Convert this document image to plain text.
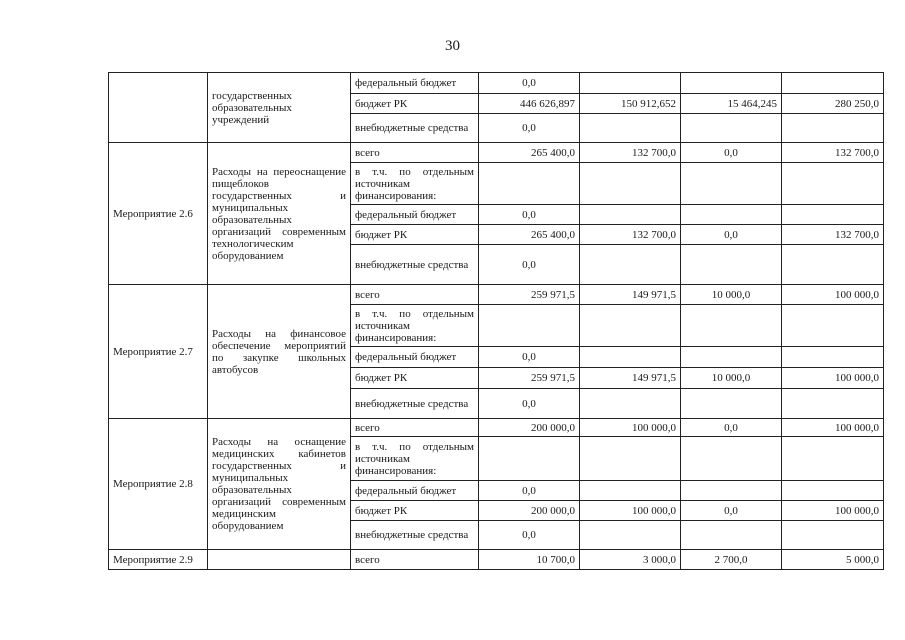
30
	государственных образовательных учреждений	федеральный бюджет	0,0			
		бюджет РК	446 626,897	150 912,652	15 464,245	280 250,0
		внебюджетные средства	0,0			
Мероприятие 2.6	Расходы на переоснащение пищеблоков государственных и муниципальных образовательных организаций современным технологическим оборудованием	всего	265 400,0	132 700,0	0,0	132 700,0
		в т.ч. по отдельным источникам финансирования:				
		федеральный бюджет	0,0			
		бюджет РК	265 400,0	132 700,0	0,0	132 700,0
		внебюджетные средства	0,0			
Мероприятие 2.7	Расходы на финансовое обеспечение мероприятий по закупке школьных автобусов	всего	259 971,5	149 971,5	10 000,0	100 000,0
		в т.ч. по отдельным источникам финансирования:				
		федеральный бюджет	0,0			
		бюджет РК	259 971,5	149 971,5	10 000,0	100 000,0
		внебюджетные средства	0,0			
Мероприятие 2.8	Расходы на оснащение медицинских кабинетов государственных и муниципальных образовательных организаций современным медицинским оборудованием	всего	200 000,0	100 000,0	0,0	100 000,0
		в т.ч. по отдельным источникам финансирования:				
		федеральный бюджет	0,0			
		бюджет РК	200 000,0	100 000,0	0,0	100 000,0
		внебюджетные средства	0,0			
Мероприятие 2.9		всего	10 700,0	3 000,0	2 700,0	5 000,0
